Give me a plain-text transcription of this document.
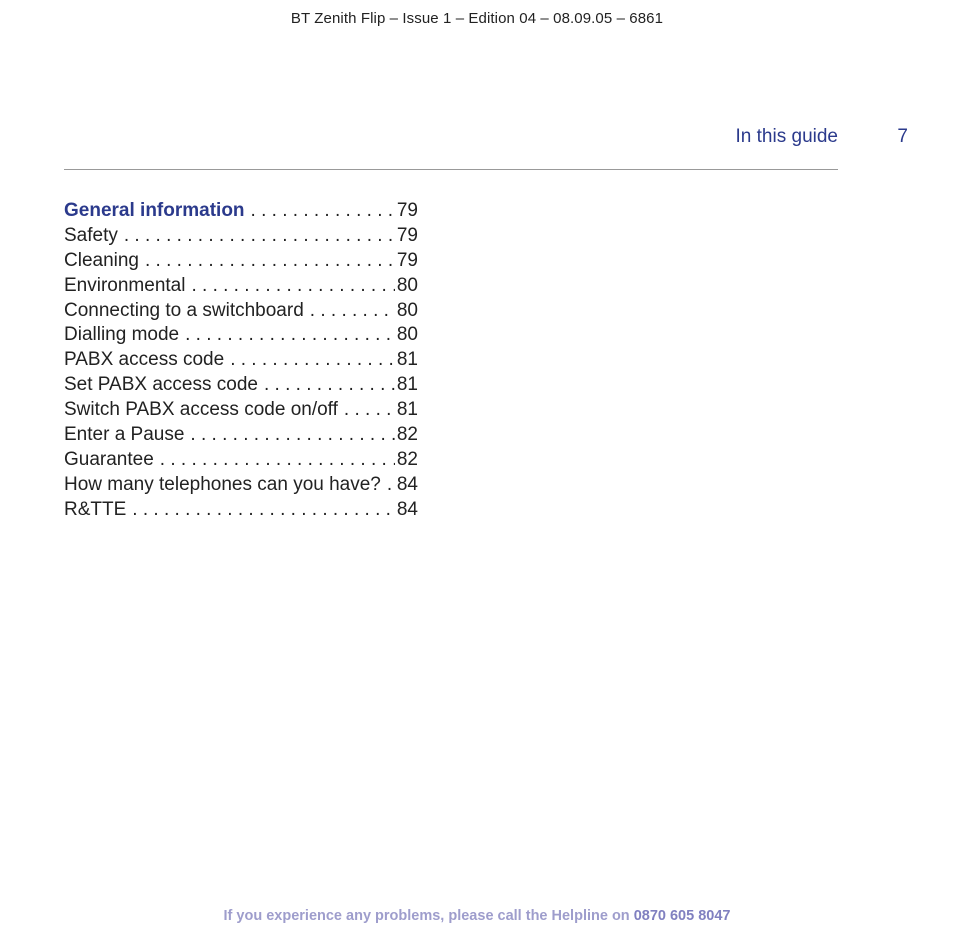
BT Zenith Flip – Issue 1 – Edition 04 – 08.09.05 – 6861
In this guide	7
General information . . .	79
Safety . . .	79
Cleaning . . .	79
Environmental . . .	80
Connecting to a switchboard . . .	80
Dialling mode . . .	80
PABX access code . . .	81
Set PABX access code . . .	81
Switch PABX access code on/off . . .	81
Enter a Pause . . .	82
Guarantee . . .	82
How many telephones can you have? . . . 84
R&TTE . . .	84
If you experience any problems, please call the Helpline on 0870 605 8047
